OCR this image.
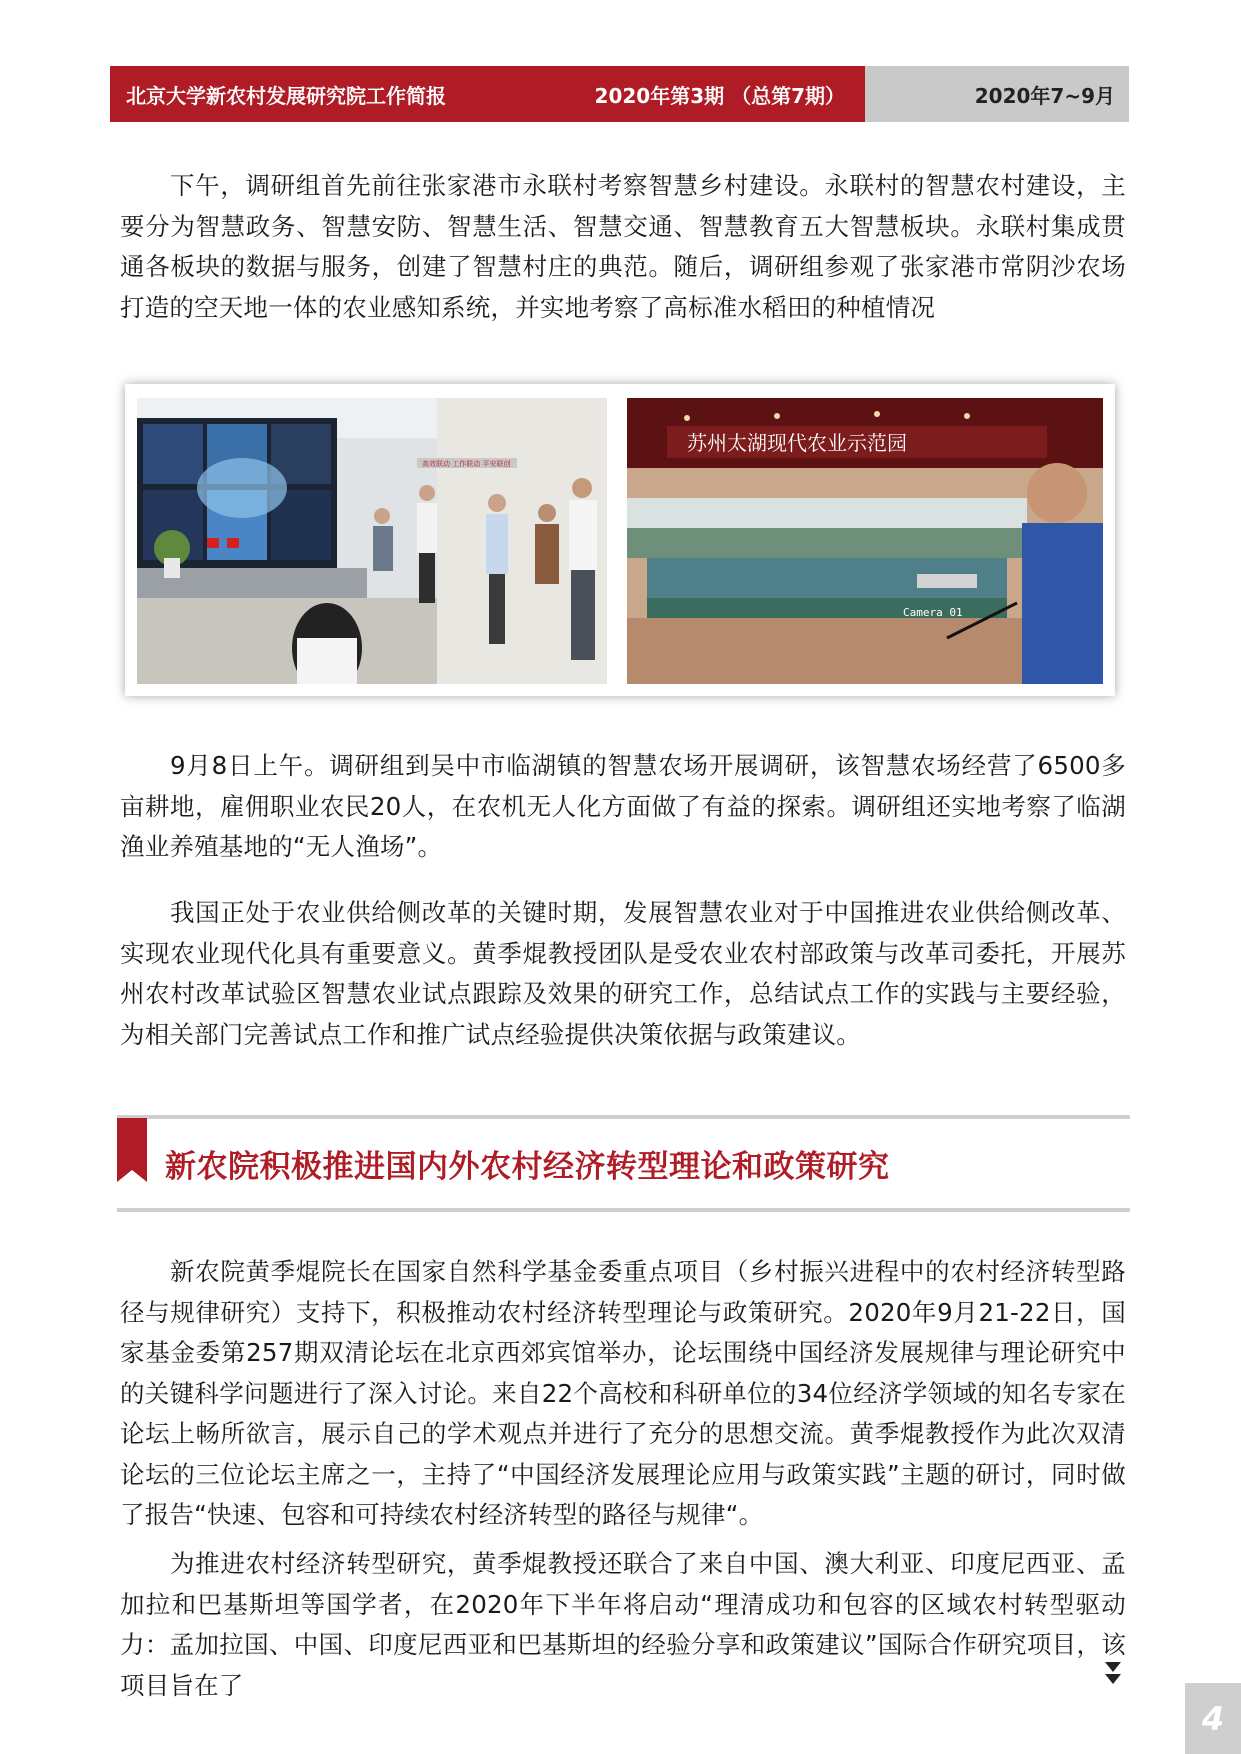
北京大学新农村发展研究院工作简报	2020年第3期 （总第7期）	2020年7~9月

下午，调研组首先前往张家港市永联村考察智慧乡村建设。永联村的智慧农村建设，主要分为智慧政务、智慧安防、智慧生活、智慧交通、智慧教育五大智慧板块。永联村集成贯通各板块的数据与服务，创建了智慧村庄的典范。随后，调研组参观了张家港市常阴沙农场打造的空天地一体的农业感知系统，并实地考察了高标准水稻田的种植情况

高效联动 工作联动 平安联创
苏州太湖现代农业示范园
Camera 01

9月8日上午。调研组到吴中市临湖镇的智慧农场开展调研，该智慧农场经营了6500多亩耕地，雇佣职业农民20人，在农机无人化方面做了有益的探索。调研组还实地考察了临湖渔业养殖基地的“无人渔场”。

我国正处于农业供给侧改革的关键时期，发展智慧农业对于中国推进农业供给侧改革、实现农业现代化具有重要意义。黄季焜教授团队是受农业农村部政策与改革司委托，开展苏州农村改革试验区智慧农业试点跟踪及效果的研究工作，总结试点工作的实践与主要经验，为相关部门完善试点工作和推广试点经验提供决策依据与政策建议。

新农院积极推进国内外农村经济转型理论和政策研究

新农院黄季焜院长在国家自然科学基金委重点项目（乡村振兴进程中的农村经济转型路径与规律研究）支持下，积极推动农村经济转型理论与政策研究。2020年9月21-22日，国家基金委第257期双清论坛在北京西郊宾馆举办，论坛围绕中国经济发展规律与理论研究中的关键科学问题进行了深入讨论。来自22个高校和科研单位的34位经济学领域的知名专家在论坛上畅所欲言，展示自己的学术观点并进行了充分的思想交流。黄季焜教授作为此次双清论坛的三位论坛主席之一，主持了“中国经济发展理论应用与政策实践”主题的研讨，同时做了报告“快速、包容和可持续农村经济转型的路径与规律“。

为推进农村经济转型研究，黄季焜教授还联合了来自中国、澳大利亚、印度尼西亚、孟加拉和巴基斯坦等国学者，在2020年下半年将启动“理清成功和包容的区域农村转型驱动力：孟加拉国、中国、印度尼西亚和巴基斯坦的经验分享和政策建议”国际合作研究项目，该项目旨在了

4
